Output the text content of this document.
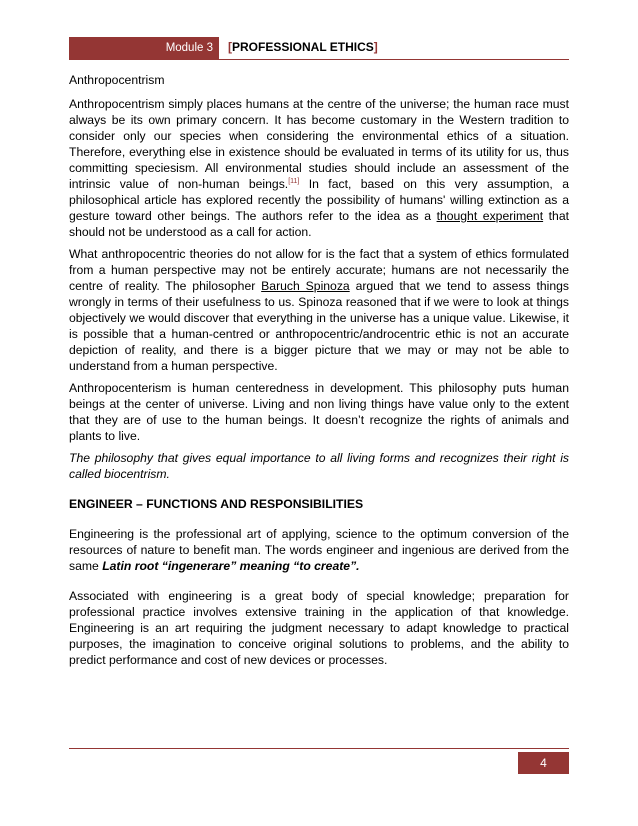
Module 3 [PROFESSIONAL ETHICS]

Anthropocentrism

Anthropocentrism simply places humans at the centre of the universe; the human race must always be its own primary concern. It has become customary in the Western tradition to consider only our species when considering the environmental ethics of a situation. Therefore, everything else in existence should be evaluated in terms of its utility for us, thus committing speciesism. All environmental studies should include an assessment of the intrinsic value of non-human beings.[11] In fact, based on this very assumption, a philosophical article has explored recently the possibility of humans' willing extinction as a gesture toward other beings. The authors refer to the idea as a thought experiment that should not be understood as a call for action.

What anthropocentric theories do not allow for is the fact that a system of ethics formulated from a human perspective may not be entirely accurate; humans are not necessarily the centre of reality. The philosopher Baruch Spinoza argued that we tend to assess things wrongly in terms of their usefulness to us. Spinoza reasoned that if we were to look at things objectively we would discover that everything in the universe has a unique value. Likewise, it is possible that a human-centred or anthropocentric/androcentric ethic is not an accurate depiction of reality, and there is a bigger picture that we may or may not be able to understand from a human perspective.

Anthropocenterism is human centeredness in development. This philosophy puts human beings at the center of universe. Living and non living things have value only to the extent that they are of use to the human beings. It doesn’t recognize the rights of animals and plants to live.

The philosophy that gives equal importance to all living forms and recognizes their right is called biocentrism.

ENGINEER – FUNCTIONS AND RESPONSIBILITIES

Engineering is the professional art of applying, science to the optimum conversion of the resources of nature to benefit man. The words engineer and ingenious are derived from the same Latin root “ingenerare” meaning “to create”.

Associated with engineering is a great body of special knowledge; preparation for professional practice involves extensive training in the application of that knowledge. Engineering is an art requiring the judgment necessary to adapt knowledge to practical purposes, the imagination to conceive original solutions to problems, and the ability to predict performance and cost of new devices or processes.

4
